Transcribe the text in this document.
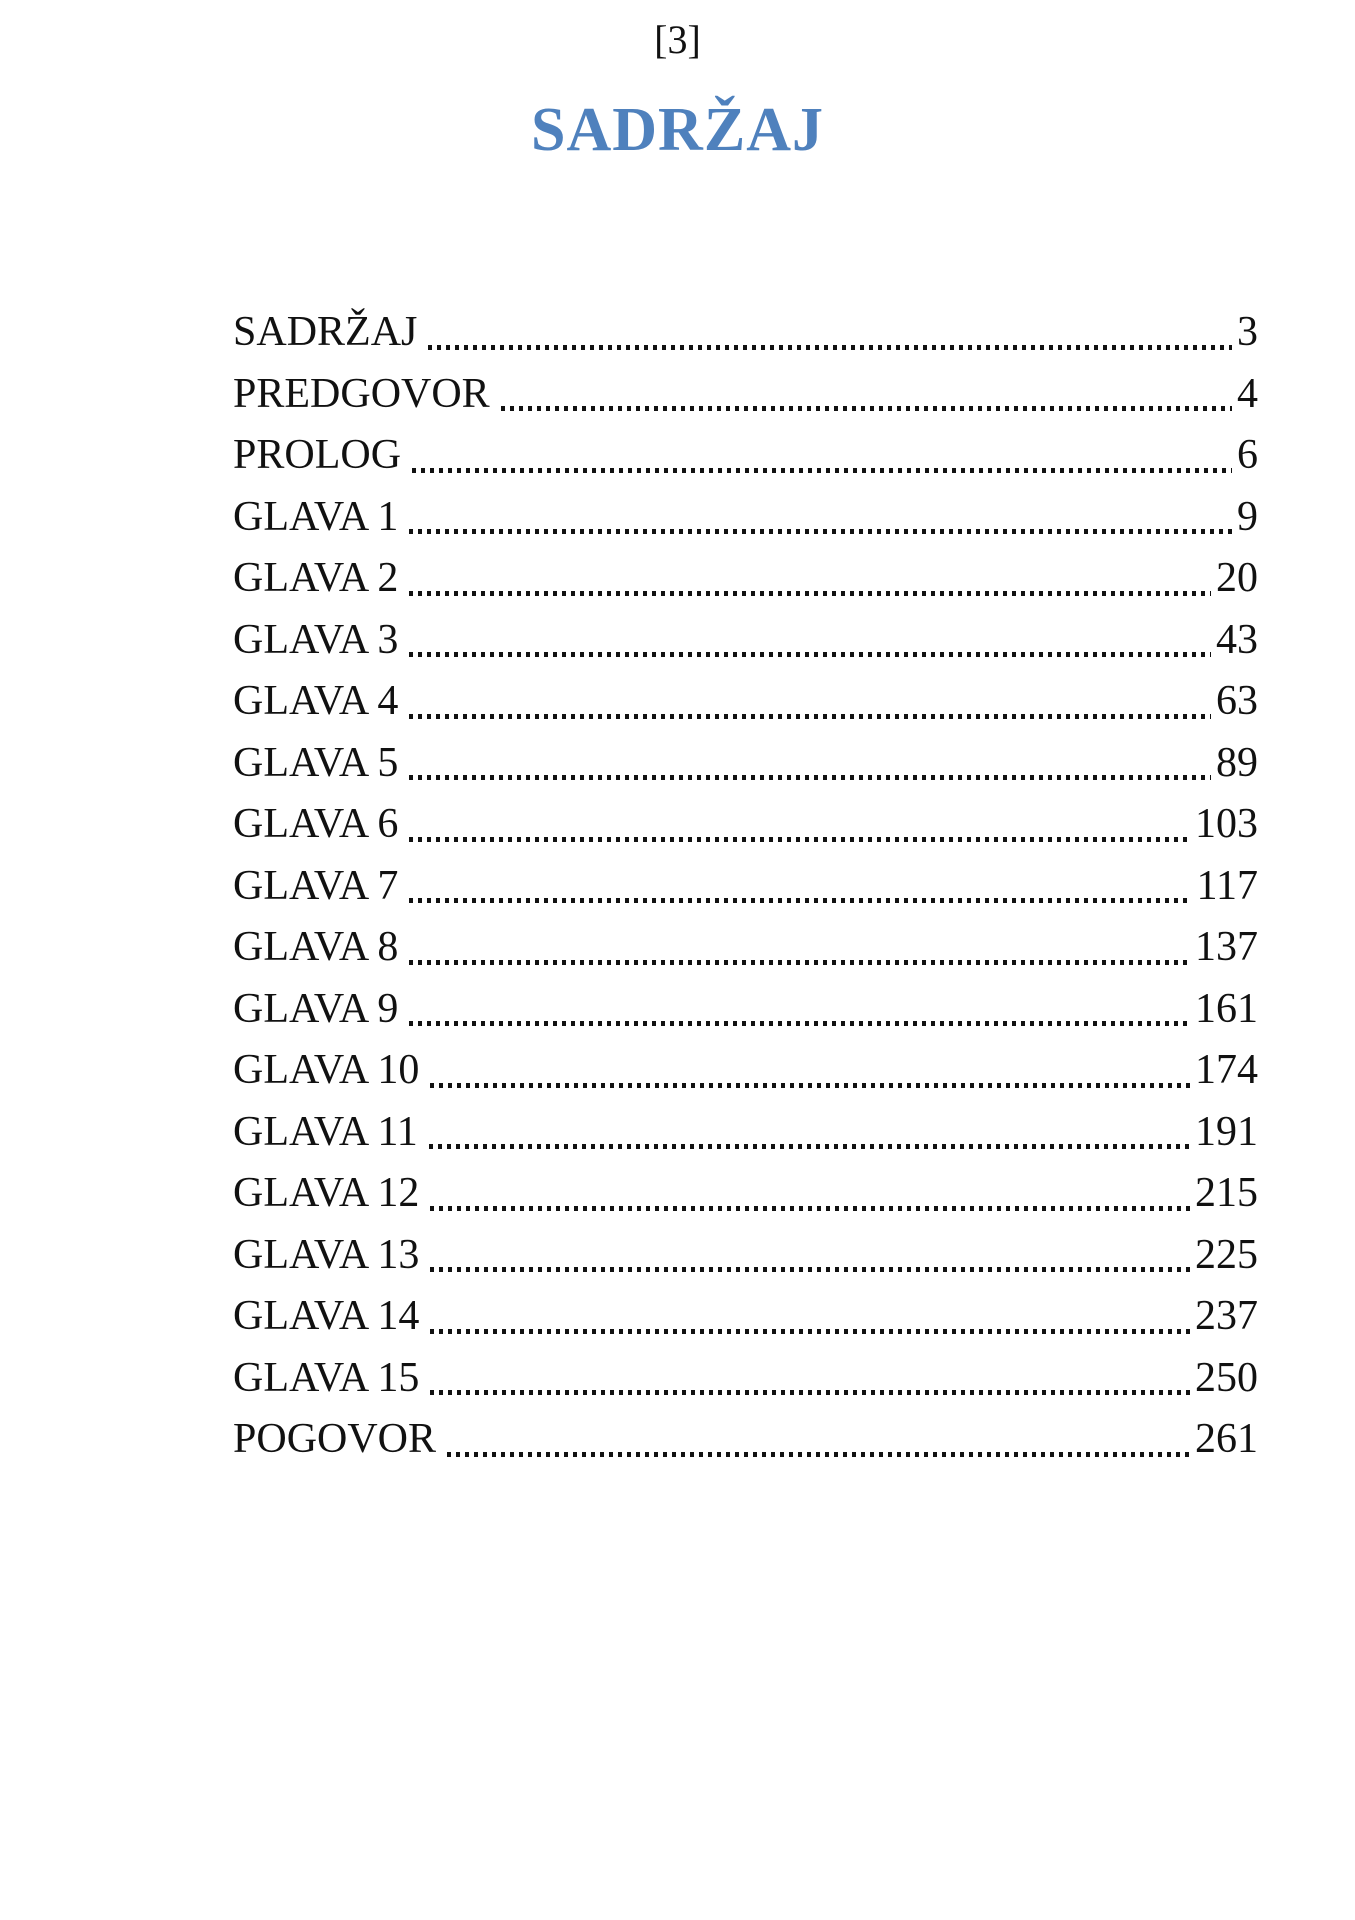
[3]
SADRŽAJ
SADRŽAJ	3
PREDGOVOR	4
PROLOG	6
GLAVA 1	9
GLAVA 2	20
GLAVA 3	43
GLAVA 4	63
GLAVA 5	89
GLAVA 6	103
GLAVA 7	117
GLAVA 8	137
GLAVA 9	161
GLAVA 10	174
GLAVA 11	191
GLAVA 12	215
GLAVA 13	225
GLAVA 14	237
GLAVA 15	250
POGOVOR	261
